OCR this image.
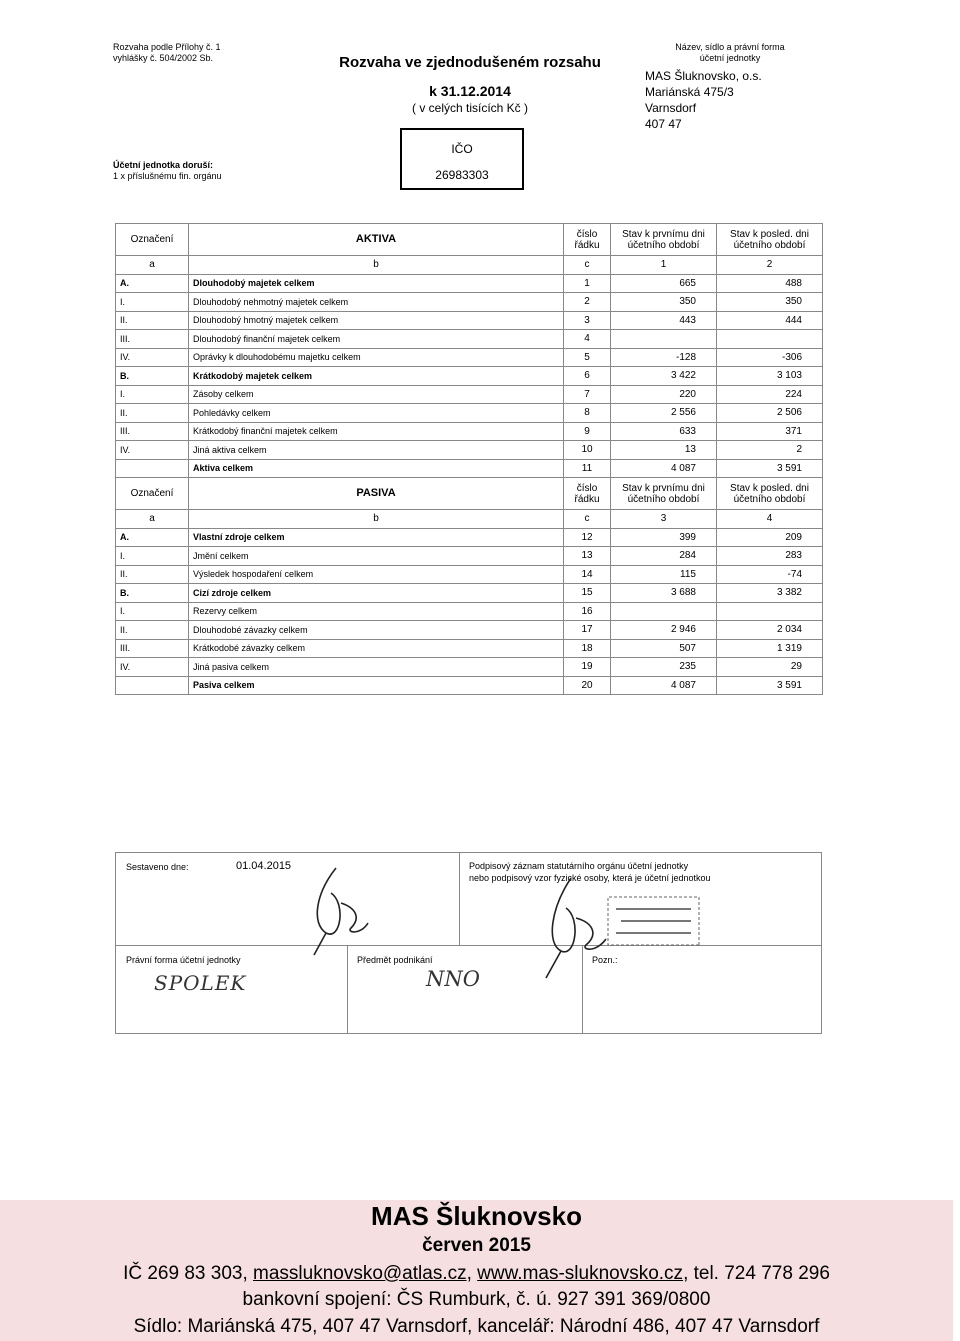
Rozvaha podle Přílohy č. 1
vyhlášky č. 504/2002 Sb.
Účetní jednotka doruší:
1 x příslušnému fin. orgánu
Rozvaha ve zjednodušeném rozsahu
k 31.12.2014
( v celých tisících Kč )
IČO
26983303
Název, sídlo a právní forma
účetní jednotky
MAS Šluknovsko, o.s.
Mariánská 475/3
Varnsdorf
407 47
Označení	AKTIVA	číslo řádku	Stav k prvnímu dni účetního období	Stav k posled. dni účetního období
a	b	c	1	2
A.	Dlouhodobý majetek celkem	1	665	488
I.	Dlouhodobý nehmotný majetek celkem	2	350	350
II.	Dlouhodobý hmotný majetek celkem	3	443	444
III.	Dlouhodobý finanční majetek celkem	4		
IV.	Oprávky k dlouhodobému majetku celkem	5	-128	-306
B.	Krátkodobý majetek celkem	6	3 422	3 103
I.	Zásoby celkem	7	220	224
II.	Pohledávky celkem	8	2 556	2 506
III.	Krátkodobý finanční majetek celkem	9	633	371
IV.	Jiná aktiva celkem	10	13	2
	Aktiva celkem	11	4 087	3 591
Označení	PASIVA	číslo řádku	Stav k prvnímu dni účetního období	Stav k posled. dni účetního období
a	b	c	3	4
A.	Vlastní zdroje celkem	12	399	209
I.	Jmění celkem	13	284	283
II.	Výsledek hospodaření celkem	14	115	-74
B.	Cizí zdroje celkem	15	3 688	3 382
I.	Rezervy celkem	16		
II.	Dlouhodobé závazky celkem	17	2 946	2 034
III.	Krátkodobé závazky celkem	18	507	1 319
IV.	Jiná pasiva celkem	19	235	29
	Pasiva celkem	20	4 087	3 591
Sestaveno dne:	01.04.2015	Podpisový záznam statutárního orgánu účetní jednotky
nebo podpisový vzor fyzické osoby, která je účetní jednotkou
Právní forma účetní jednotky
SPOLEK
Předmět podnikání
NNO
Pozn.:
MAS Šluknovsko
červen 2015
IČ 269 83 303, massluknovsko@atlas.cz, www.mas-sluknovsko.cz, tel. 724 778 296
bankovní spojení: ČS Rumburk, č. ú. 927 391 369/0800
Sídlo: Mariánská 475, 407 47 Varnsdorf, kancelář: Národní 486, 407 47 Varnsdorf
